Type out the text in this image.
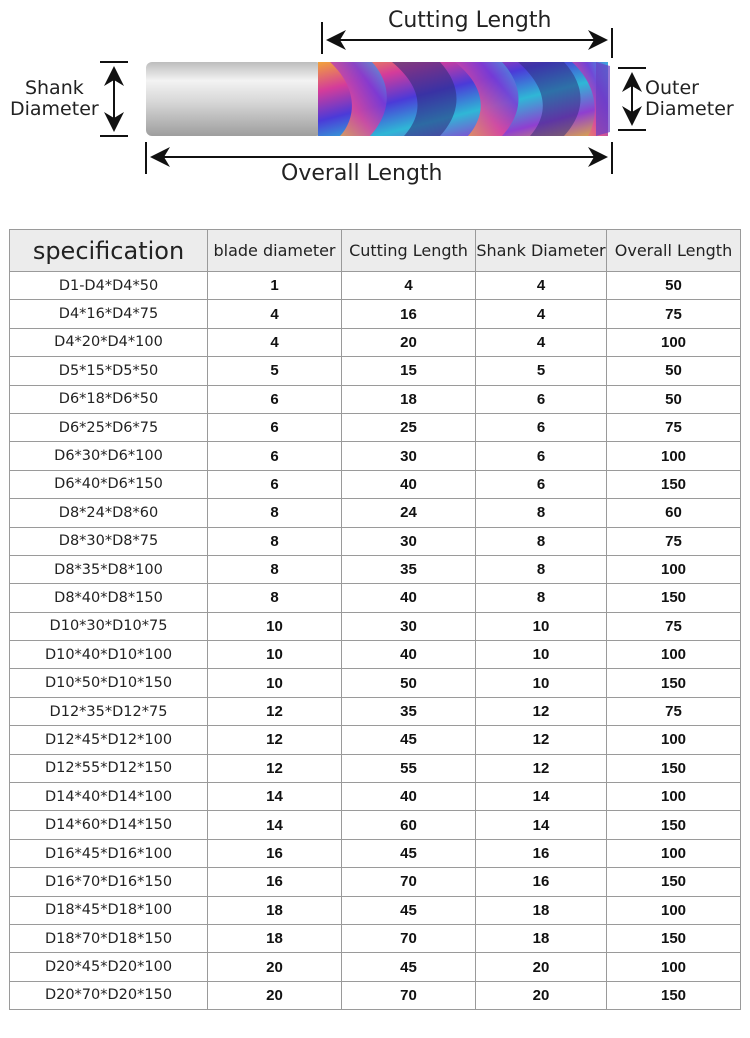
Cutting Length
Overall Length
Shank
Diameter
Outer
Diameter
specification	blade diameter	Cutting Length	Shank Diameter	Overall Length
D1-D4*D4*50	1	4	4	50
D4*16*D4*75	4	16	4	75
D4*20*D4*100	4	20	4	100
D5*15*D5*50	5	15	5	50
D6*18*D6*50	6	18	6	50
D6*25*D6*75	6	25	6	75
D6*30*D6*100	6	30	6	100
D6*40*D6*150	6	40	6	150
D8*24*D8*60	8	24	8	60
D8*30*D8*75	8	30	8	75
D8*35*D8*100	8	35	8	100
D8*40*D8*150	8	40	8	150
D10*30*D10*75	10	30	10	75
D10*40*D10*100	10	40	10	100
D10*50*D10*150	10	50	10	150
D12*35*D12*75	12	35	12	75
D12*45*D12*100	12	45	12	100
D12*55*D12*150	12	55	12	150
D14*40*D14*100	14	40	14	100
D14*60*D14*150	14	60	14	150
D16*45*D16*100	16	45	16	100
D16*70*D16*150	16	70	16	150
D18*45*D18*100	18	45	18	100
D18*70*D18*150	18	70	18	150
D20*45*D20*100	20	45	20	100
D20*70*D20*150	20	70	20	150
